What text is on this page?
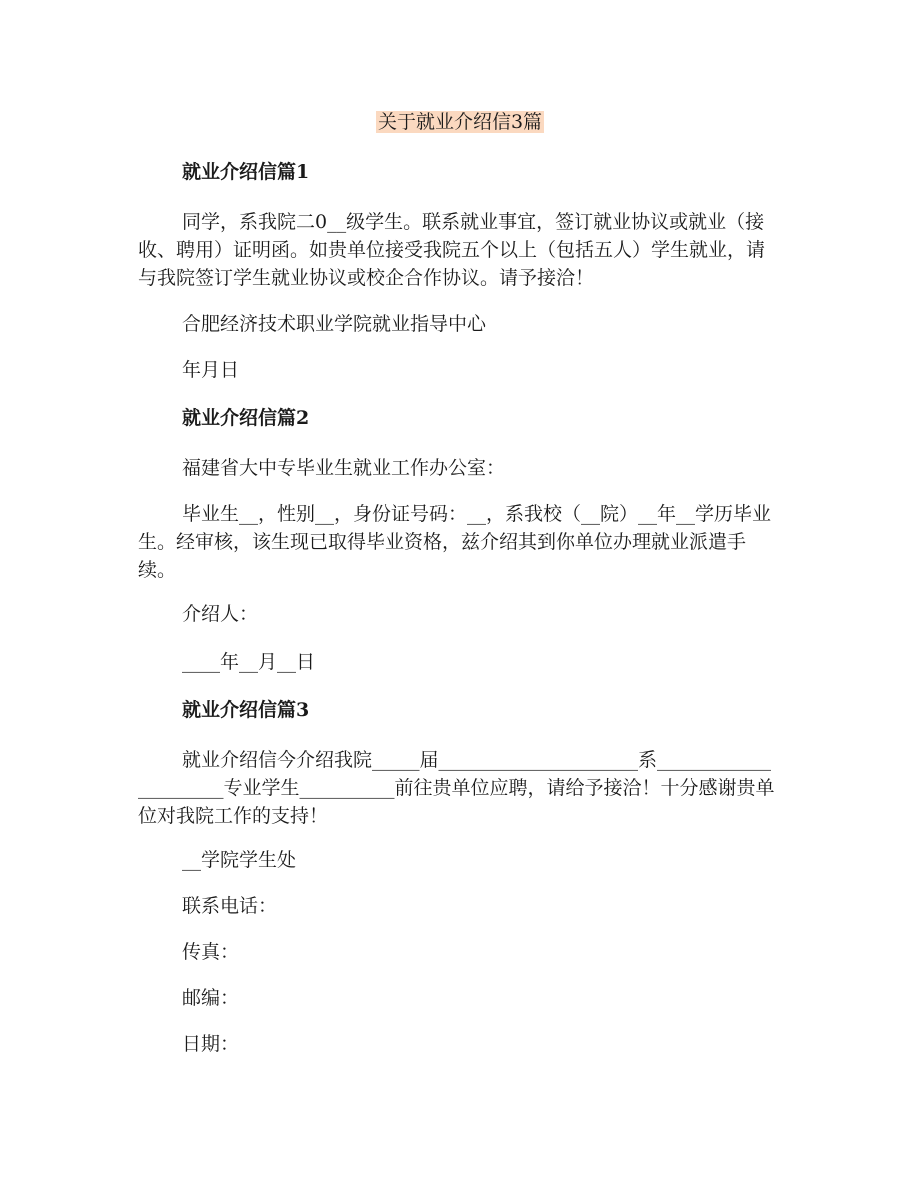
关于就业介绍信3篇
就业介绍信篇1

同学，系我院二0__级学生。联系就业事宜，签订就业协议或就业（接收、聘用）证明函。如贵单位接受我院五个以上（包括五人）学生就业，请与我院签订学生就业协议或校企合作协议。请予接洽！

合肥经济技术职业学院就业指导中心
年月日
就业介绍信篇2
福建省大中专毕业生就业工作办公室：

毕业生__，性别__，身份证号码：__，系我校（__院）__年__学历毕业生。经审核，该生现已取得毕业资格，兹介绍其到你单位办理就业派遣手续。

介绍人：
____年__月__日
就业介绍信篇3

就业介绍信今介绍我院_____届_____________________系_____________________专业学生__________前往贵单位应聘，请给予接洽！十分感谢贵单位对我院工作的支持！

__学院学生处
联系电话：
传真：
邮编：
日期：
